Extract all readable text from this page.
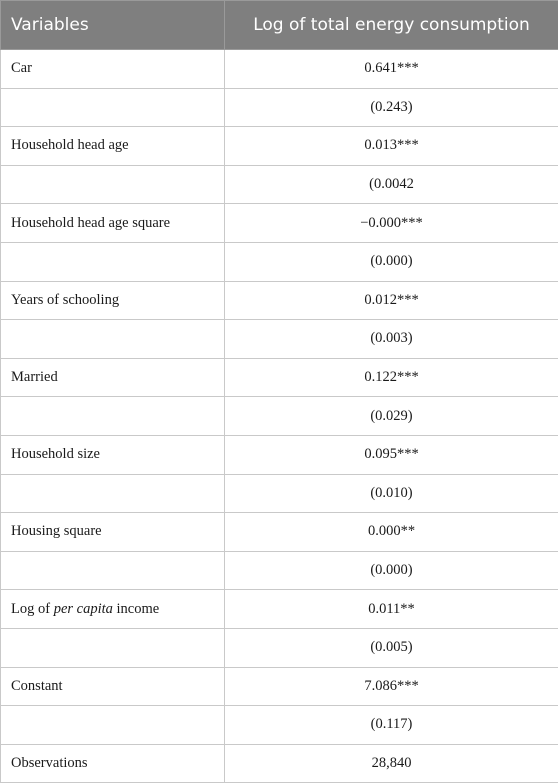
Variables	Log of total energy consumption
Car	0.641***
	(0.243)
Household head age	0.013***
	(0.0042
Household head age square	−0.000***
	(0.000)
Years of schooling	0.012***
	(0.003)
Married	0.122***
	(0.029)
Household size	0.095***
	(0.010)
Housing square	0.000**
	(0.000)
Log of per capita income	0.011**
	(0.005)
Constant	7.086***
	(0.117)
Observations	28,840
